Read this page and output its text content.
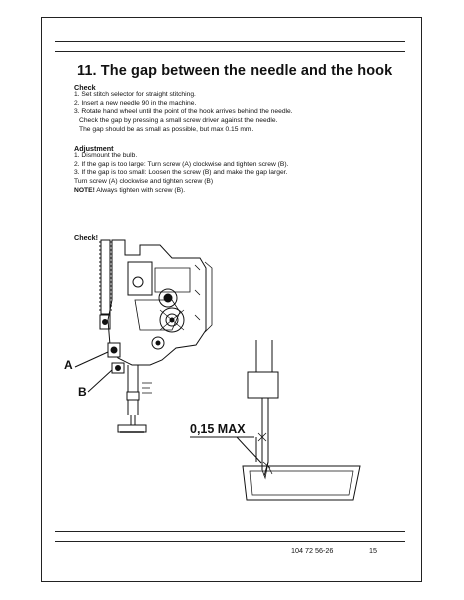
11. The gap between the needle and the hook
Check
1. Set stitch selector for straight stitching.
2. Insert a new needle 90 in the machine.
3. Rotate hand wheel until the point of the hook arrives behind the needle.
Check the gap by pressing a small screw driver against the needle.
The gap should be as small as possible, but max 0.15 mm.
Adjustment
1. Dismount the bulb.
2. If the gap is too large: Turn screw (A) clockwise and tighten screw (B).
3. If the gap is too small: Loosen the screw (B) and make the gap larger.
Turn screw (A) clockwise and tighten screw (B)
NOTE! Always tighten with screw (B).
Check!
A
B
0,15 MAX
104 72 56-26	15
